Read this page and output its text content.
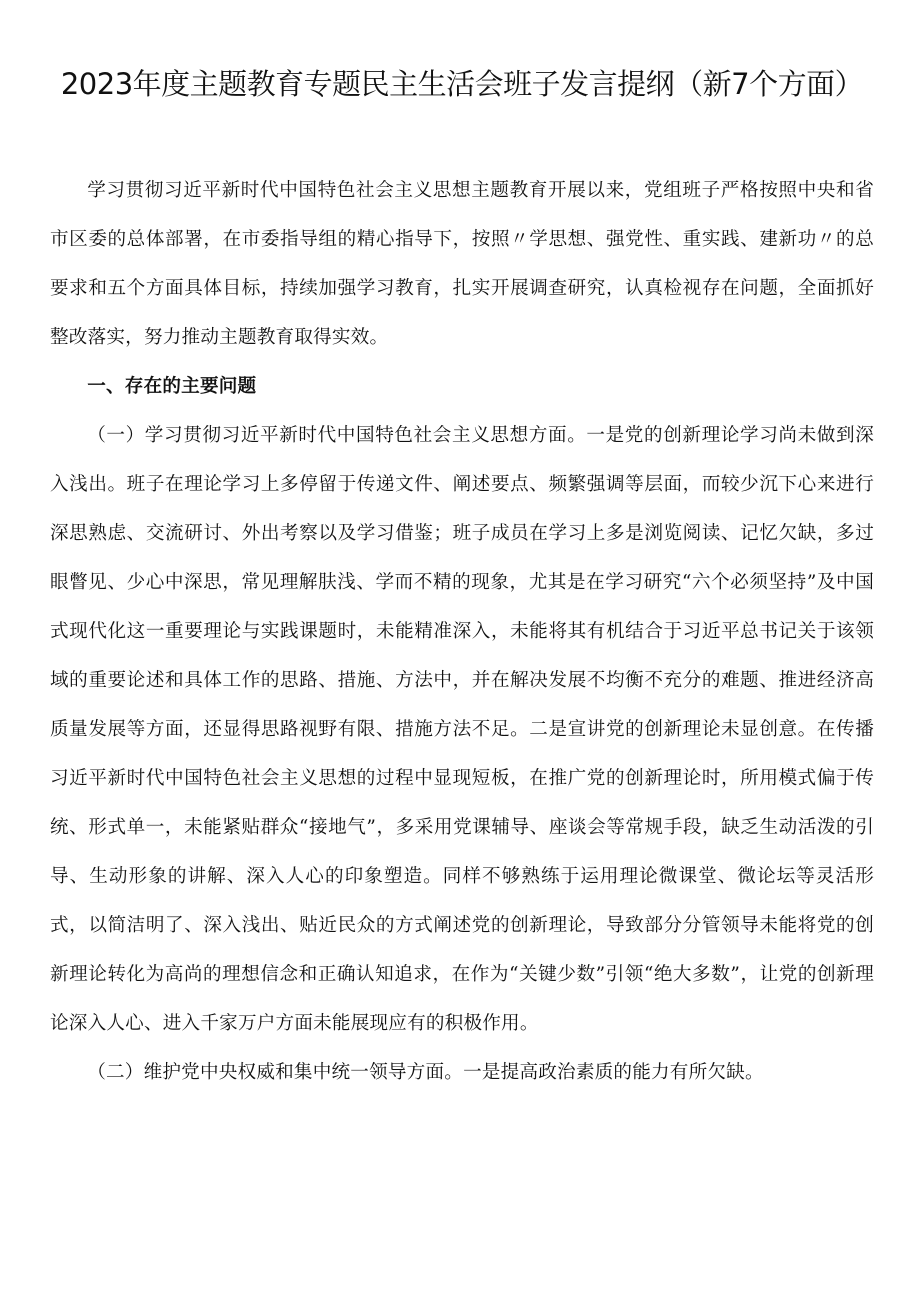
2023年度主题教育专题民主生活会班子发言提纲（新7个方面）

学习贯彻习近平新时代中国特色社会主义思想主题教育开展以来，党组班子严格按照中央和省市区委的总体部署，在市委指导组的精心指导下，按照〃学思想、强党性、重实践、建新功〃的总要求和五个方面具体目标，持续加强学习教育，扎实开展调查研究，认真检视存在问题，全面抓好整改落实，努力推动主题教育取得实效。

一、存在的主要问题

（一）学习贯彻习近平新时代中国特色社会主义思想方面。一是党的创新理论学习尚未做到深入浅出。班子在理论学习上多停留于传递文件、阐述要点、频繁强调等层面，而较少沉下心来进行深思熟虑、交流研讨、外出考察以及学习借鉴；班子成员在学习上多是浏览阅读、记忆欠缺，多过眼瞥见、少心中深思，常见理解肤浅、学而不精的现象，尤其是在学习研究“六个必须坚持”及中国式现代化这一重要理论与实践课题时，未能精准深入，未能将其有机结合于习近平总书记关于该领域的重要论述和具体工作的思路、措施、方法中，并在解决发展不均衡不充分的难题、推进经济高质量发展等方面，还显得思路视野有限、措施方法不足。二是宣讲党的创新理论未显创意。在传播习近平新时代中国特色社会主义思想的过程中显现短板，在推广党的创新理论时，所用模式偏于传统、形式单一，未能紧贴群众“接地气”，多采用党课辅导、座谈会等常规手段，缺乏生动活泼的引导、生动形象的讲解、深入人心的印象塑造。同样不够熟练于运用理论微课堂、微论坛等灵活形式，以简洁明了、深入浅出、贴近民众的方式阐述党的创新理论，导致部分分管领导未能将党的创新理论转化为高尚的理想信念和正确认知追求，在作为“关键少数”引领“绝大多数”，让党的创新理论深入人心、进入千家万户方面未能展现应有的积极作用。

（二）维护党中央权威和集中统一领导方面。一是提高政治素质的能力有所欠缺。
